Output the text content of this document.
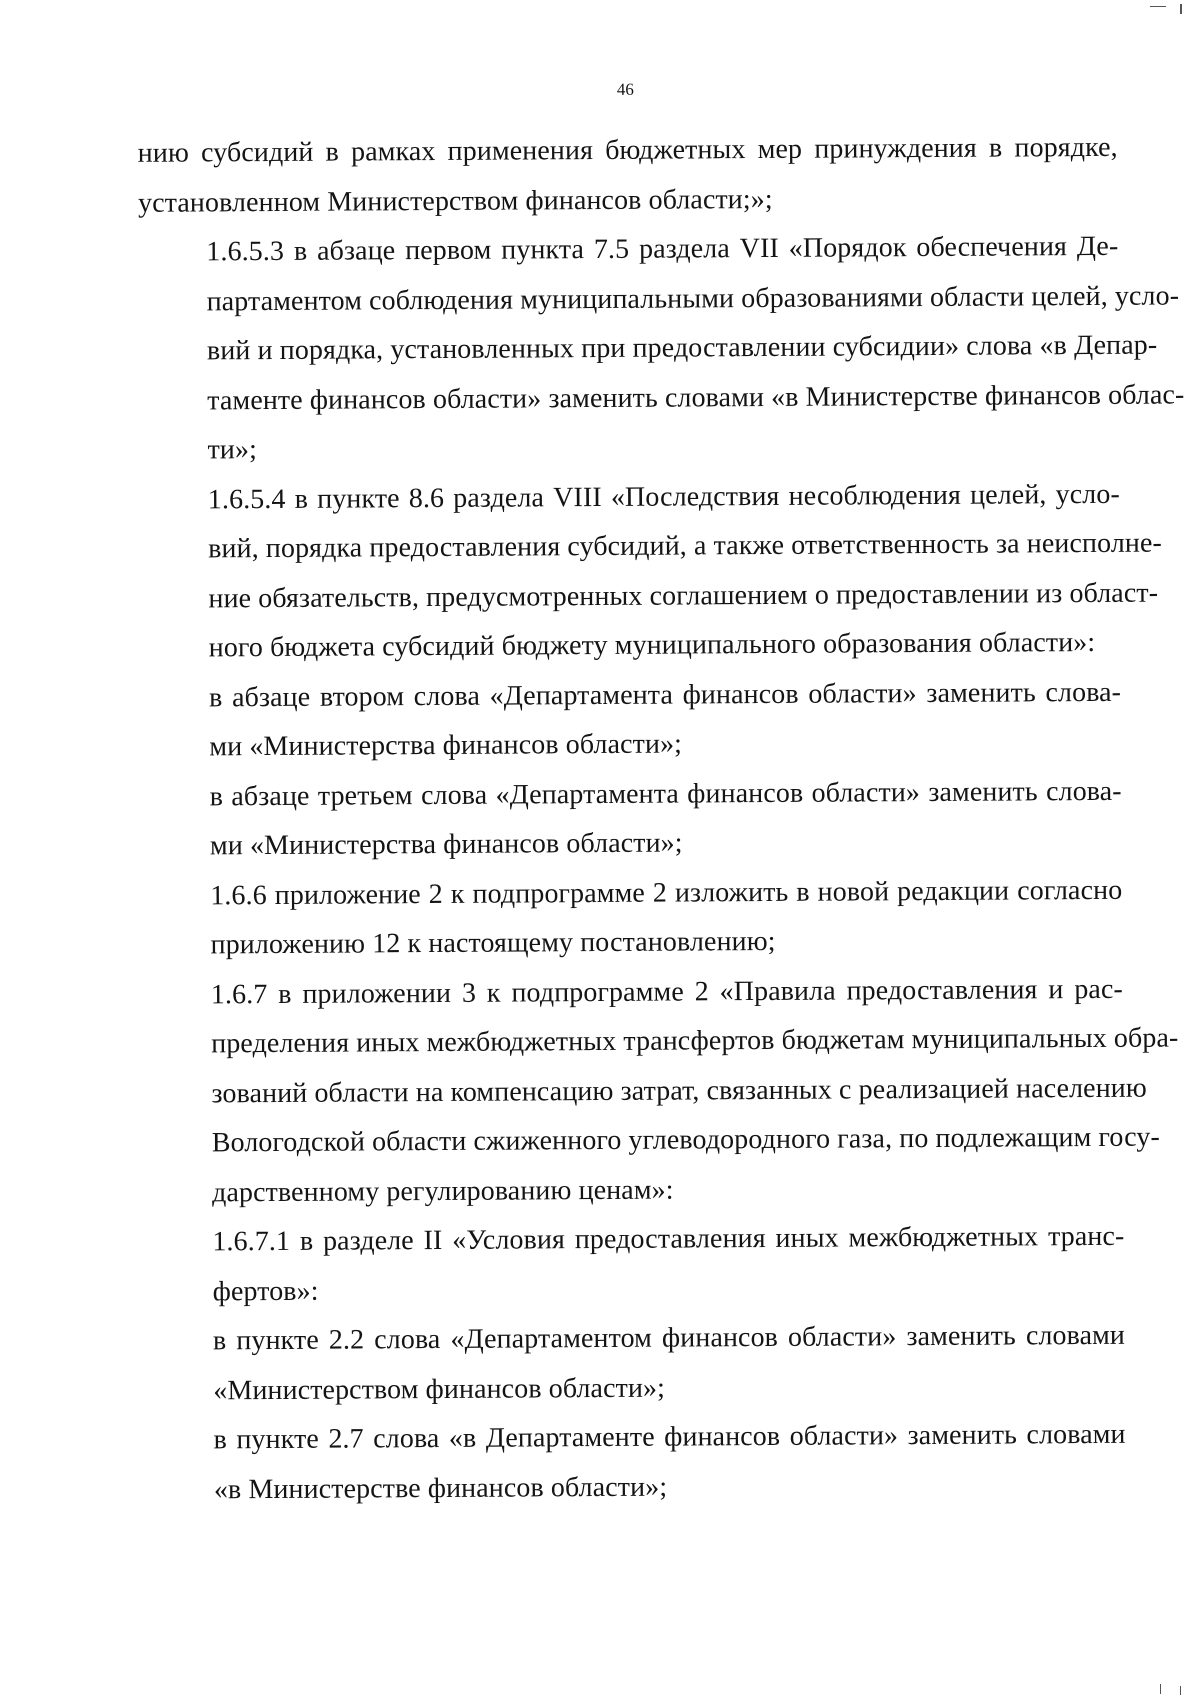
46

нию субсидий в рамках применения бюджетных мер принуждения в порядке,
установленном Министерством финансов области;»;

1.6.5.3 в абзаце первом пункта 7.5 раздела VII «Порядок обеспечения Де-
партаментом соблюдения муниципальными образованиями области целей, усло-
вий и порядка, установленных при предоставлении субсидии» слова «в Депар-
таменте финансов области» заменить словами «в Министерстве финансов облас-
ти»;

1.6.5.4 в пункте 8.6 раздела VIII «Последствия несоблюдения целей, усло-
вий, порядка предоставления субсидий, а также ответственность за неисполне-
ние обязательств, предусмотренных соглашением о предоставлении из област-
ного бюджета субсидий бюджету муниципального образования области»:

в абзаце втором слова «Департамента финансов области» заменить слова-
ми «Министерства финансов области»;

в абзаце третьем слова «Департамента финансов области» заменить слова-
ми «Министерства финансов области»;

1.6.6 приложение 2 к подпрограмме 2 изложить в новой редакции согласно
приложению 12 к настоящему постановлению;

1.6.7 в приложении 3 к подпрограмме 2 «Правила предоставления и рас-
пределения иных межбюджетных трансфертов бюджетам муниципальных обра-
зований области на компенсацию затрат, связанных с реализацией населению
Вологодской области сжиженного углеводородного газа, по подлежащим госу-
дарственному регулированию ценам»:

1.6.7.1 в разделе II «Условия предоставления иных межбюджетных транс-
фертов»:

в пункте 2.2 слова «Департаментом финансов области» заменить словами
«Министерством финансов области»;

в пункте 2.7 слова «в Департаменте финансов области» заменить словами
«в Министерстве финансов области»;
